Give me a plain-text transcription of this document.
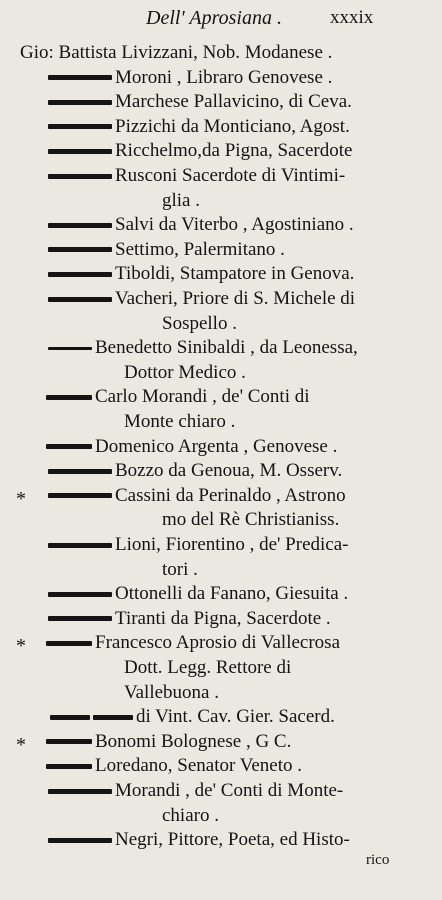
Dell' Aprosiana .	xxxix
Gio: Battista Livizzani, Nob. Modanese .
Moroni , Libraro Genovese .
Marchese Pallavicino, di Ceva.
Pizzichi da Monticiano, Agost.
Ricchelmo,da Pigna, Sacerdote
Rusconi Sacerdote di Vintimi-
glia .
Salvi da Viterbo , Agostiniano .
Settimo, Palermitano .
Tiboldi, Stampatore in Genova.
Vacheri, Priore di S. Michele di
Sospello .
Benedetto Sinibaldi , da Leonessa,
Dottor Medico .
Carlo Morandi , de' Conti di
Monte chiaro .
Domenico Argenta , Genovese .
Bozzo da Genoua, M. Osserv.
Cassini da Perinaldo , Astrono
*
mo del Rè Christianiss.
Lioni, Fiorentino , de' Predica-
tori .
Ottonelli da Fanano, Giesuita .
Tiranti da Pigna, Sacerdote .
Francesco Aprosio di Vallecrosa
*
Dott. Legg. Rettore di
Vallebuona .
di Vint. Cav. Gier. Sacerd.
Bonomi Bolognese , G C.
*
Loredano, Senator Veneto .
Morandi , de' Conti di Monte-
chiaro .
Negri, Pittore, Poeta, ed Histo-
rico
